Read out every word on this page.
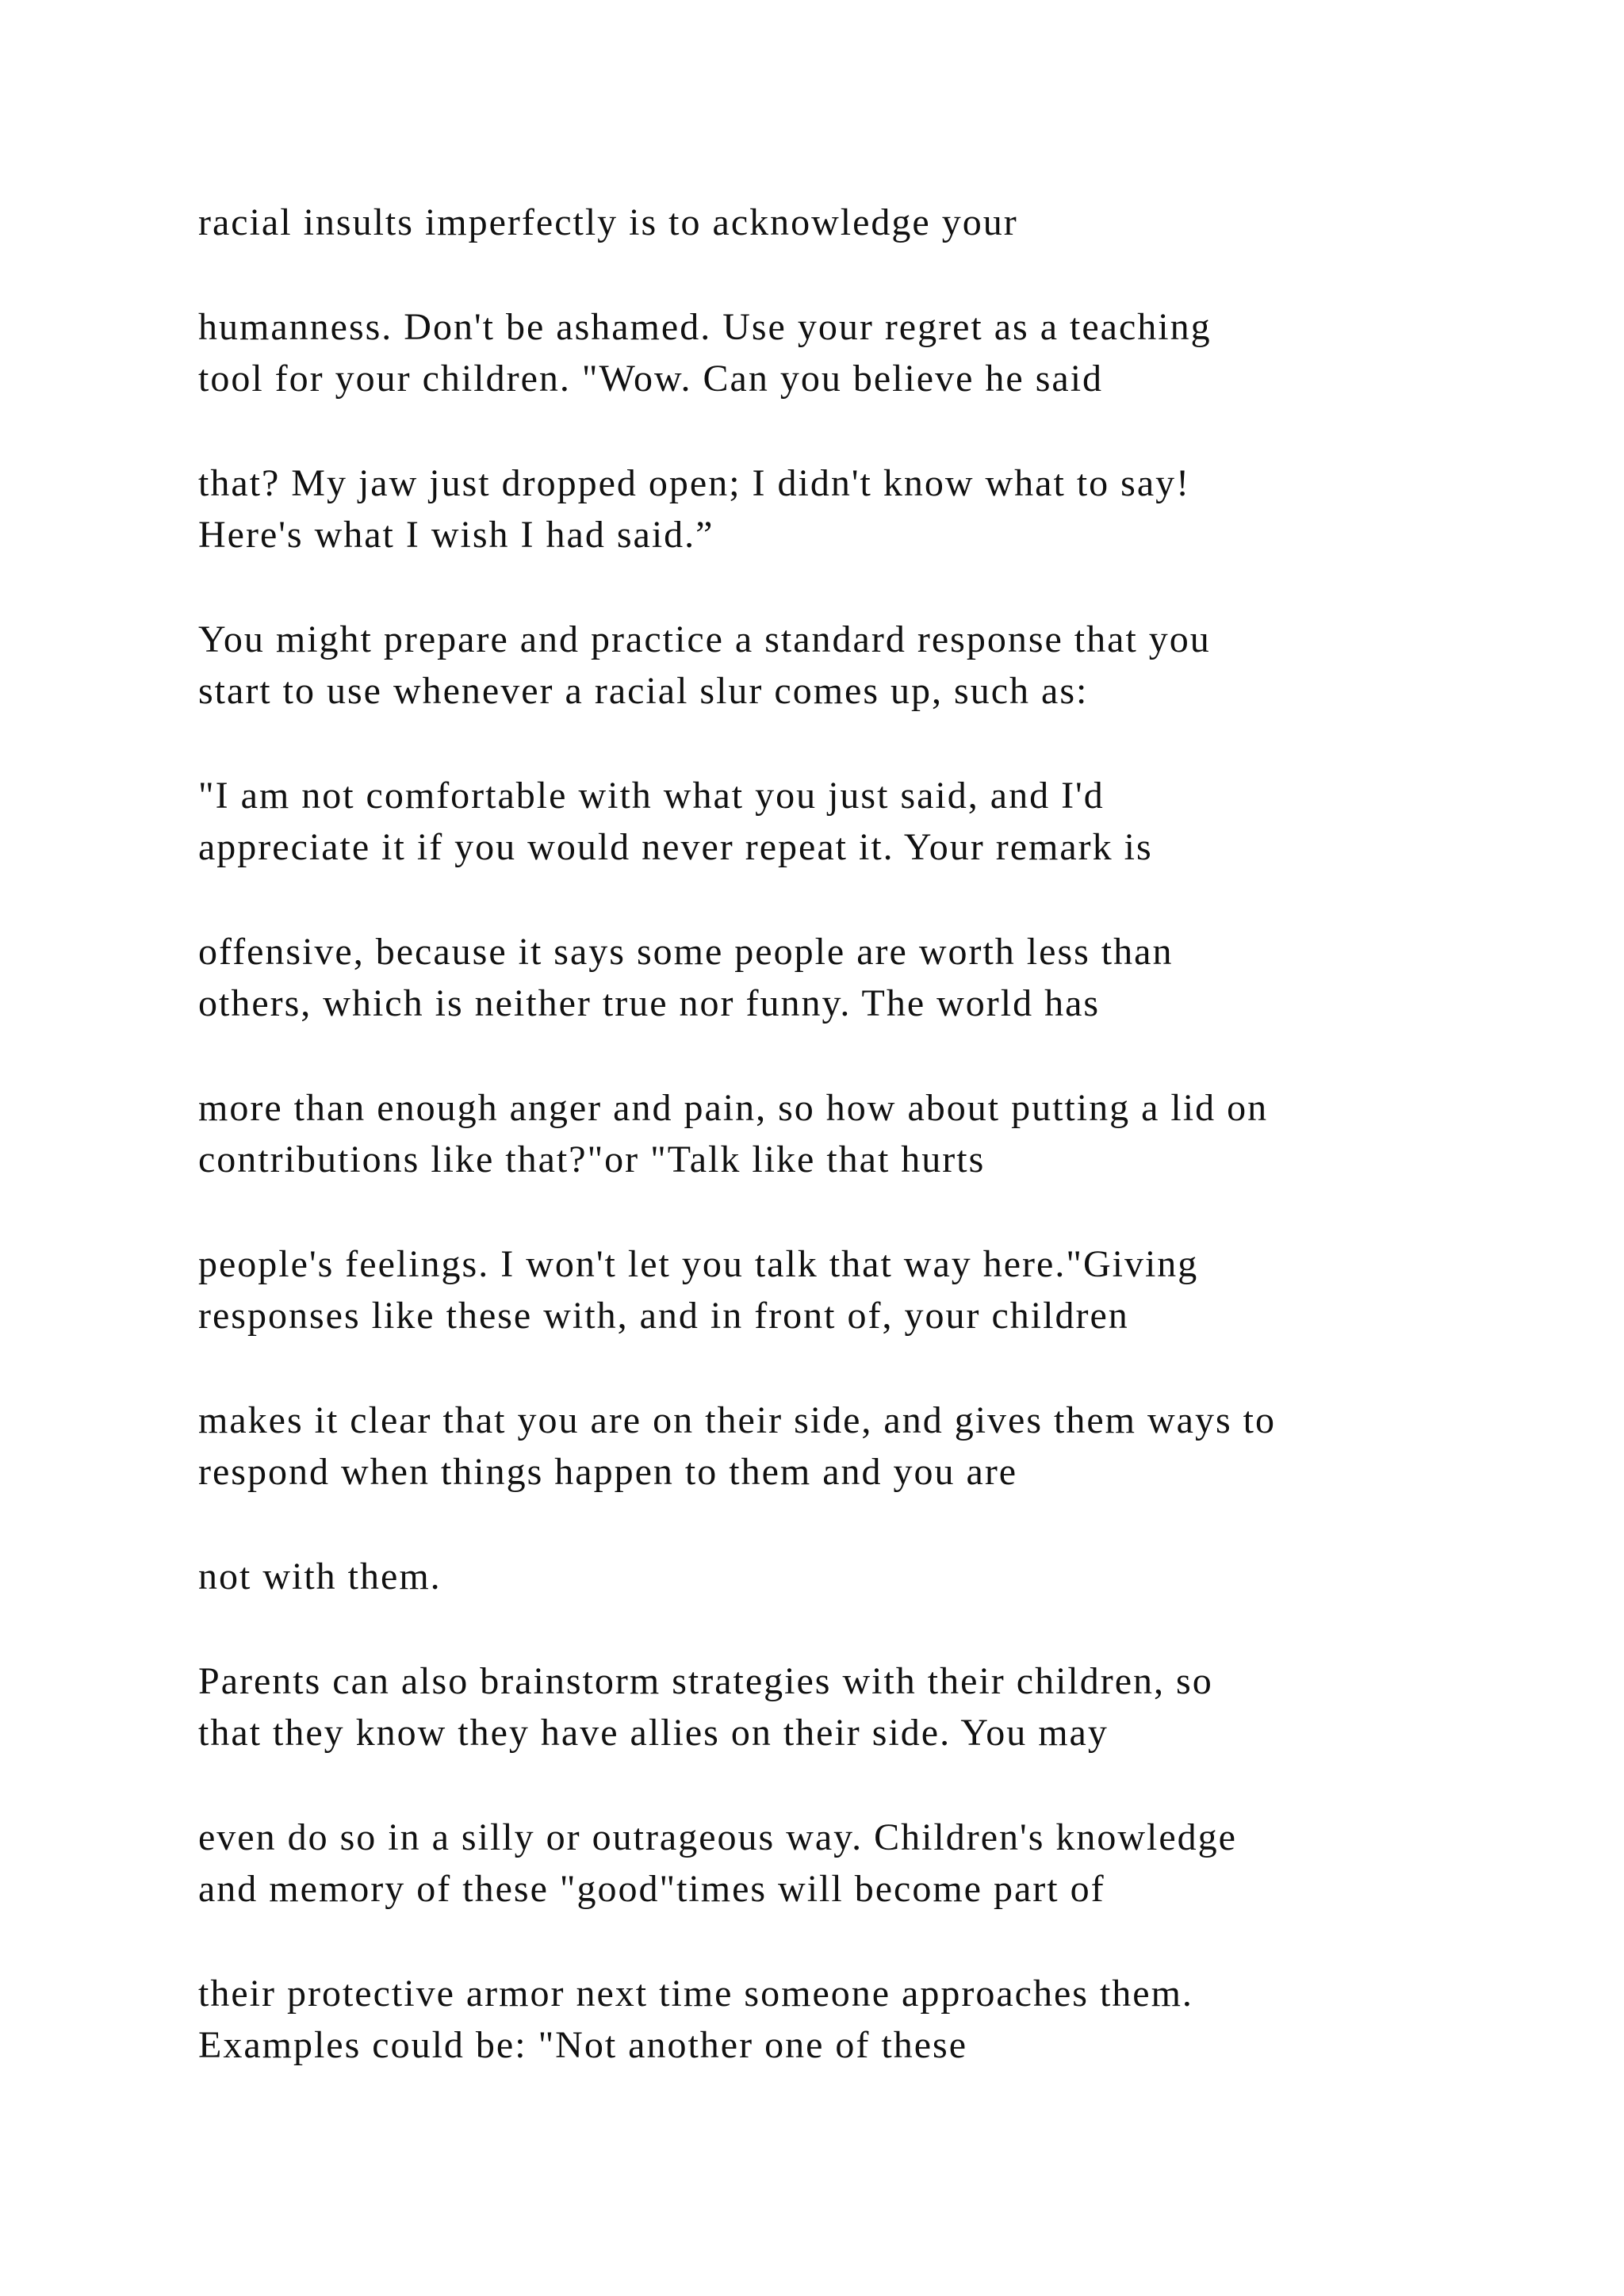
racial insults imperfectly is to acknowledge your

humanness. Don't be ashamed. Use your regret as a teaching

tool for your children. "Wow. Can you believe he said

that? My jaw just dropped open; I didn't know what to say!

Here's what I wish I had said.”

You might prepare and practice a standard response that you

start to use whenever a racial slur comes up, such as:

"I am not comfortable with what you just said, and I'd

appreciate it if you would never repeat it. Your remark is

offensive, because it says some people are worth less than

others, which is neither true nor funny. The world has

more than enough anger and pain, so how about putting a lid on

contributions like that?"or "Talk like that hurts

people's feelings. I won't let you talk that way here."Giving

responses like these with, and in front of, your children

makes it clear that you are on their side, and gives them ways to

respond when things happen to them and you are

not with them.

Parents can also brainstorm strategies with their children, so

that they know they have allies on their side. You may

even do so in a silly or outrageous way. Children's knowledge

and memory of these "good"times will become part of

their protective armor next time someone approaches them.

Examples could be: "Not another one of these
